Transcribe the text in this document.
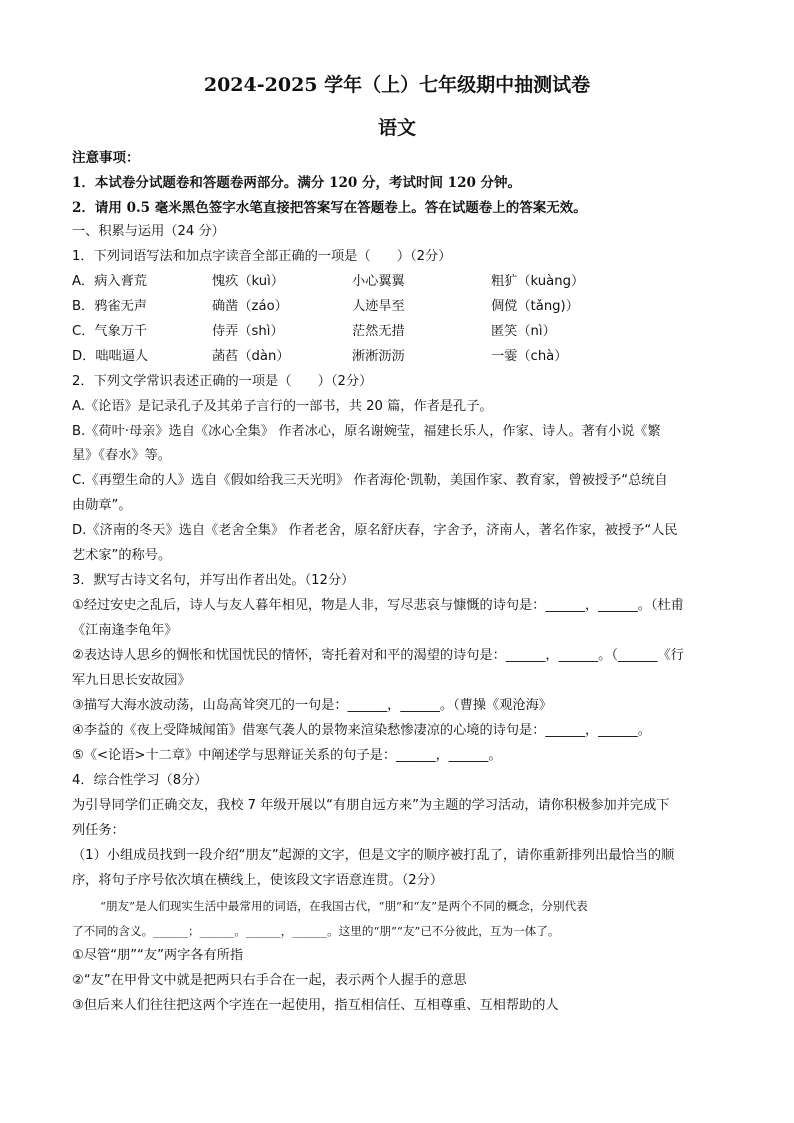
2024-2025 学年（上）七年级期中抽测试卷
语文
注意事项：
1．本试卷分试题卷和答题卷两部分。满分 120 分，考试时间 120 分钟。
2．请用 0.5 毫米黑色签字水笔直接把答案写在答题卷上。答在试题卷上的答案无效。
一、积累与运用（24 分）
1．下列词语写法和加点字读音全部正确的一项是（　　）（2分）
A．病入膏荒	愧疚（kuì）	小心翼翼	粗犷（kuàng）
B．鸦雀无声	确凿（záo）	人迹旱至	倜傥（tǎng)）
C．气象万千	侍弄（shì）	茫然无措	匿笑（nì）
D．咄咄逼人	菡萏（dàn）	淅淅沥沥	一霎（chà）
2．下列文学常识表述正确的一项是（　　）（2分）
A.《论语》是记录孔子及其弟子言行的一部书，共 20 篇，作者是孔子。
B.《荷叶·母亲》选自《冰心全集》 作者冰心，原名谢婉莹，福建长乐人，作家、诗人。著有小说《繁
星》《春水》等。
C.《再塑生命的人》选自《假如给我三天光明》 作者海伦·凯勒，美国作家、教育家，曾被授予“总统自
由勋章”。
D.《济南的冬天》选自《老舍全集》 作者老舍，原名舒庆春，字舍予，济南人，著名作家，被授予“人民
艺术家”的称号。
3．默写古诗文名句，并写出作者出处。（12分）
①经过安史之乱后，诗人与友人暮年相见，物是人非，写尽悲哀与慷慨的诗句是：______，______。（杜甫
《江南逢李龟年》
②表达诗人思乡的惆怅和忧国忧民的情怀，寄托着对和平的渴望的诗句是：______，______。（______《行
军九日思长安故园》
③描写大海水波动荡，山岛高耸突兀的一句是：______，______。（曹操《观沧海》
④李益的《夜上受降城闻笛》借寒气袭人的景物来渲染愁惨凄凉的心境的诗句是：______，______。
⑤《<论语>十二章》中阐述学与思辩证关系的句子是：______，______。
4．综合性学习（8分）
为引导同学们正确交友，我校 7 年级开展以“有朋自远方来”为主题的学习活动，请你积极参加并完成下
列任务：
（1）小组成员找到一段介绍“朋友”起源的文字，但是文字的顺序被打乱了，请你重新排列出最恰当的顺
序，将句子序号依次填在横线上，使该段文字语意连贯。（2分）
“朋友”是人们现实生活中最常用的词语，在我国古代，“朋”和“友”是两个不同的概念，分别代表
了不同的含义。______；______。______，______。这里的“朋”“友”已不分彼此，互为一体了。
①尽管“朋”“友”两字各有所指
②“友”在甲骨文中就是把两只右手合在一起，表示两个人握手的意思
③但后来人们往往把这两个字连在一起使用，指互相信任、互相尊重、互相帮助的人
